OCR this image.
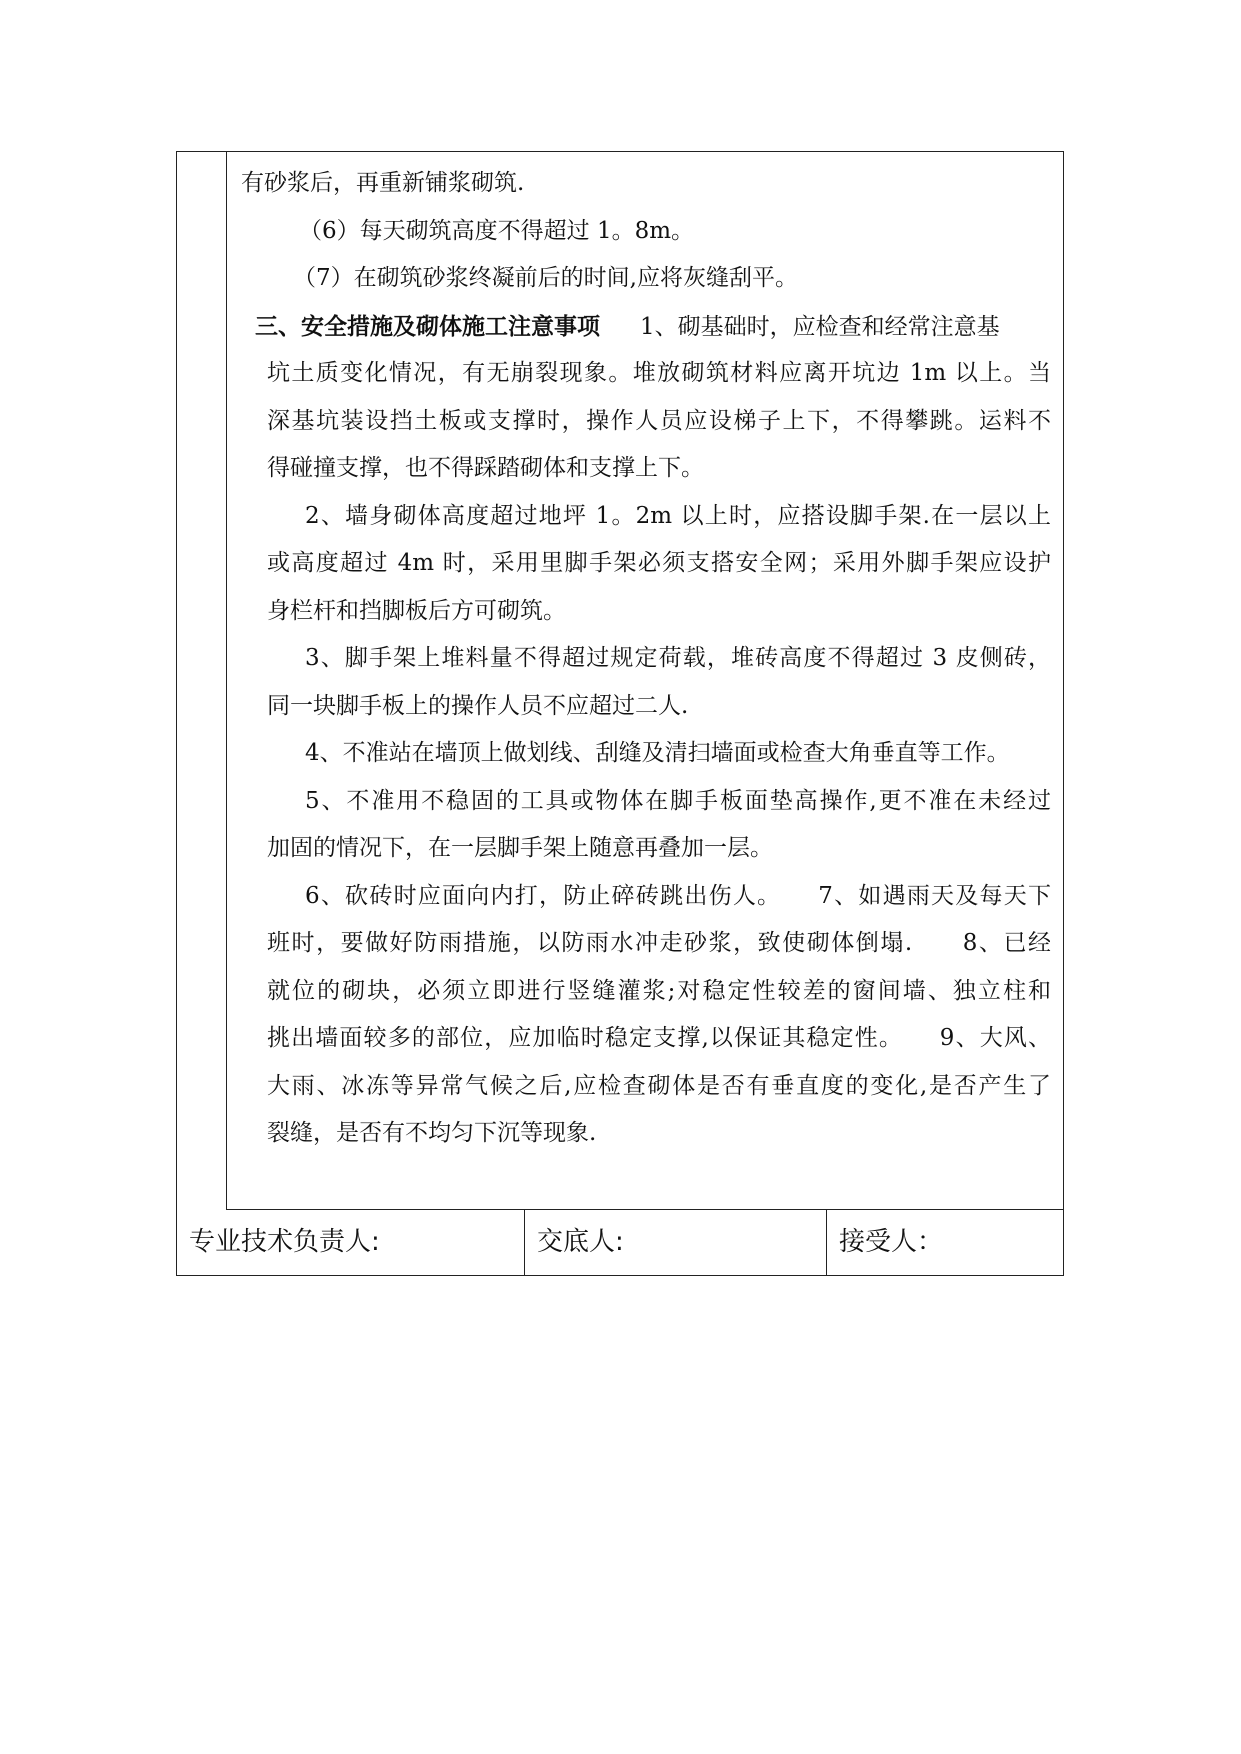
有砂浆后，再重新铺浆砌筑.
（6）每天砌筑高度不得超过 1。8m。
（7）在砌筑砂浆终凝前后的时间,应将灰缝刮平。
三、安全措施及砌体施工注意事项 1、砌基础时，应检查和经常注意基
坑土质变化情况，有无崩裂现象。堆放砌筑材料应离开坑边 1m 以上。当
深基坑装设挡土板或支撑时，操作人员应设梯子上下，不得攀跳。运料不
得碰撞支撑，也不得踩踏砌体和支撑上下。
2、墙身砌体高度超过地坪 1。2m 以上时，应搭设脚手架.在一层以上
或高度超过 4m 时，采用里脚手架必须支搭安全网；采用外脚手架应设护
身栏杆和挡脚板后方可砌筑。
3、脚手架上堆料量不得超过规定荷载，堆砖高度不得超过 3 皮侧砖，
同一块脚手板上的操作人员不应超过二人.
4、不准站在墙顶上做划线、刮缝及清扫墙面或检查大角垂直等工作。
5、不准用不稳固的工具或物体在脚手板面垫高操作,更不准在未经过
加固的情况下，在一层脚手架上随意再叠加一层。
6、砍砖时应面向内打，防止碎砖跳出伤人。　　7、如遇雨天及每天下
班时，要做好防雨措施，以防雨水冲走砂浆，致使砌体倒塌.　　8、已经
就位的砌块，必须立即进行竖缝灌浆;对稳定性较差的窗间墙、独立柱和
挑出墙面较多的部位，应加临时稳定支撑,以保证其稳定性。　　9、大风、
大雨、冰冻等异常气候之后,应检查砌体是否有垂直度的变化,是否产生了
裂缝，是否有不均匀下沉等现象.
专业技术负责人:	交底人:	接受人：
